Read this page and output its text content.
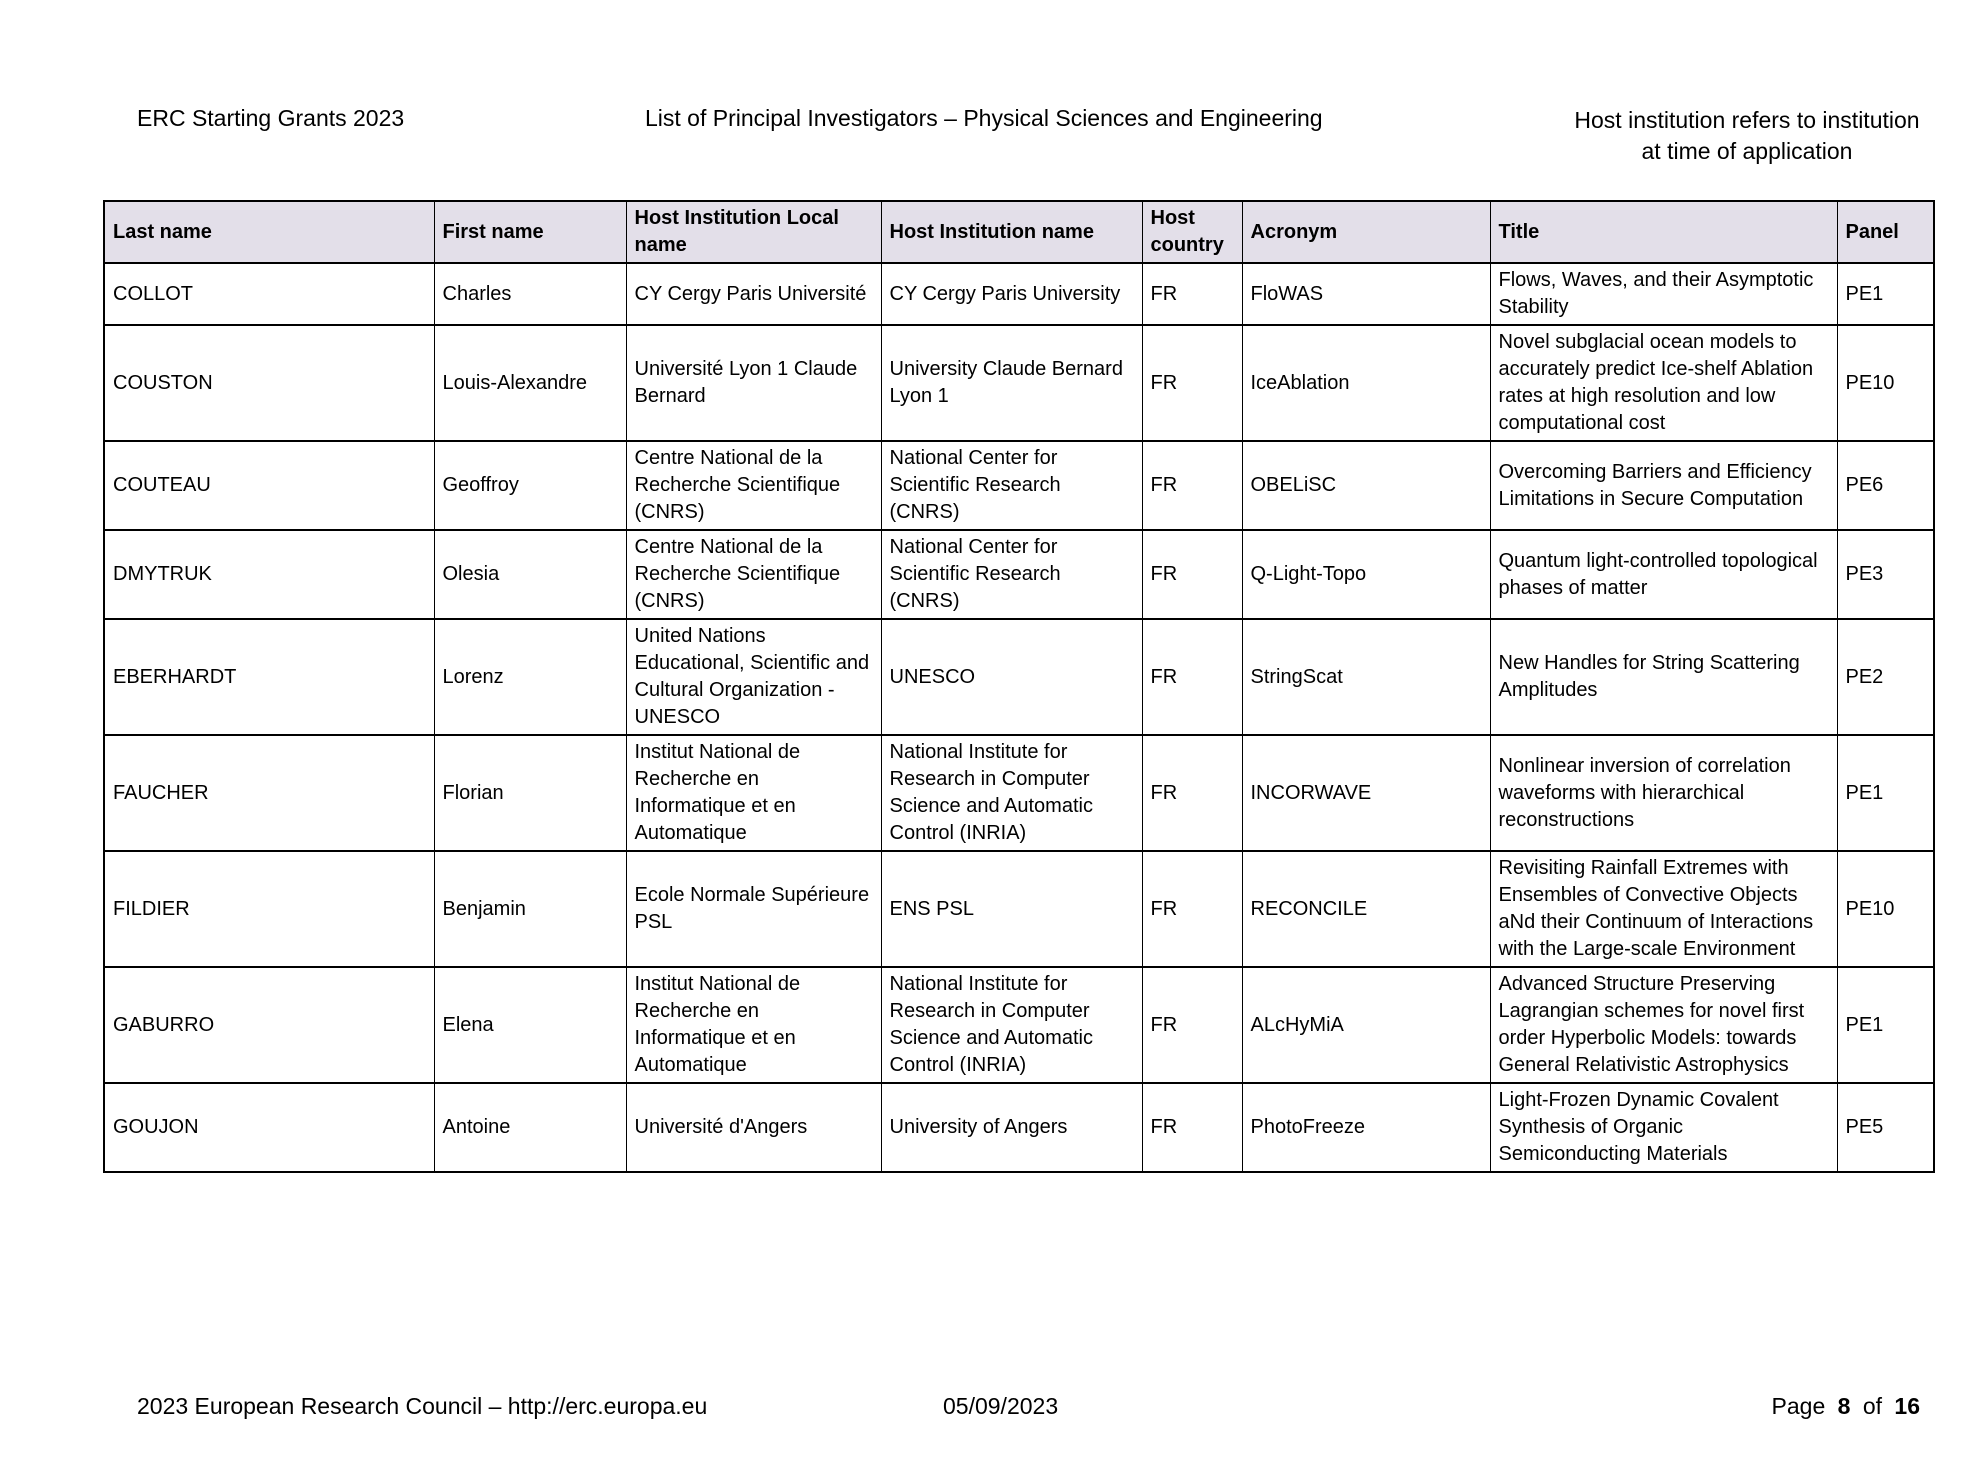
ERC Starting Grants 2023	List of Principal Investigators – Physical Sciences and Engineering	Host institution refers to institution
at time of application
Last name	First name	Host Institution Local name	Host Institution name	Host country	Acronym	Title	Panel
COLLOT	Charles	CY Cergy Paris Université	CY Cergy Paris University	FR	FloWAS	Flows, Waves, and their Asymptotic Stability	PE1
COUSTON	Louis-Alexandre	Université Lyon 1 Claude Bernard	University Claude Bernard Lyon 1	FR	IceAblation	Novel subglacial ocean models to accurately predict Ice-shelf Ablation rates at high resolution and low computational cost	PE10
COUTEAU	Geoffroy	Centre National de la Recherche Scientifique (CNRS)	National Center for Scientific Research (CNRS)	FR	OBELiSC	Overcoming Barriers and Efficiency Limitations in Secure Computation	PE6
DMYTRUK	Olesia	Centre National de la Recherche Scientifique (CNRS)	National Center for Scientific Research (CNRS)	FR	Q-Light-Topo	Quantum light-controlled topological phases of matter	PE3
EBERHARDT	Lorenz	United Nations Educational, Scientific and Cultural Organization - UNESCO	UNESCO	FR	StringScat	New Handles for String Scattering Amplitudes	PE2
FAUCHER	Florian	Institut National de Recherche en Informatique et en Automatique	National Institute for Research in Computer Science and Automatic Control (INRIA)	FR	INCORWAVE	Nonlinear inversion of correlation waveforms with hierarchical reconstructions	PE1
FILDIER	Benjamin	Ecole Normale Supérieure PSL	ENS PSL	FR	RECONCILE	Revisiting Rainfall Extremes with Ensembles of Convective Objects aNd their Continuum of Interactions with the Large-scale Environment	PE10
GABURRO	Elena	Institut National de Recherche en Informatique et en Automatique	National Institute for Research in Computer Science and Automatic Control (INRIA)	FR	ALcHyMiA	Advanced Structure Preserving Lagrangian schemes for novel first order Hyperbolic Models: towards General Relativistic Astrophysics	PE1
GOUJON	Antoine	Université d'Angers	University of Angers	FR	PhotoFreeze	Light-Frozen Dynamic Covalent Synthesis of Organic Semiconducting Materials	PE5
2023 European Research Council – http://erc.europa.eu	05/09/2023	Page 8 of 16
